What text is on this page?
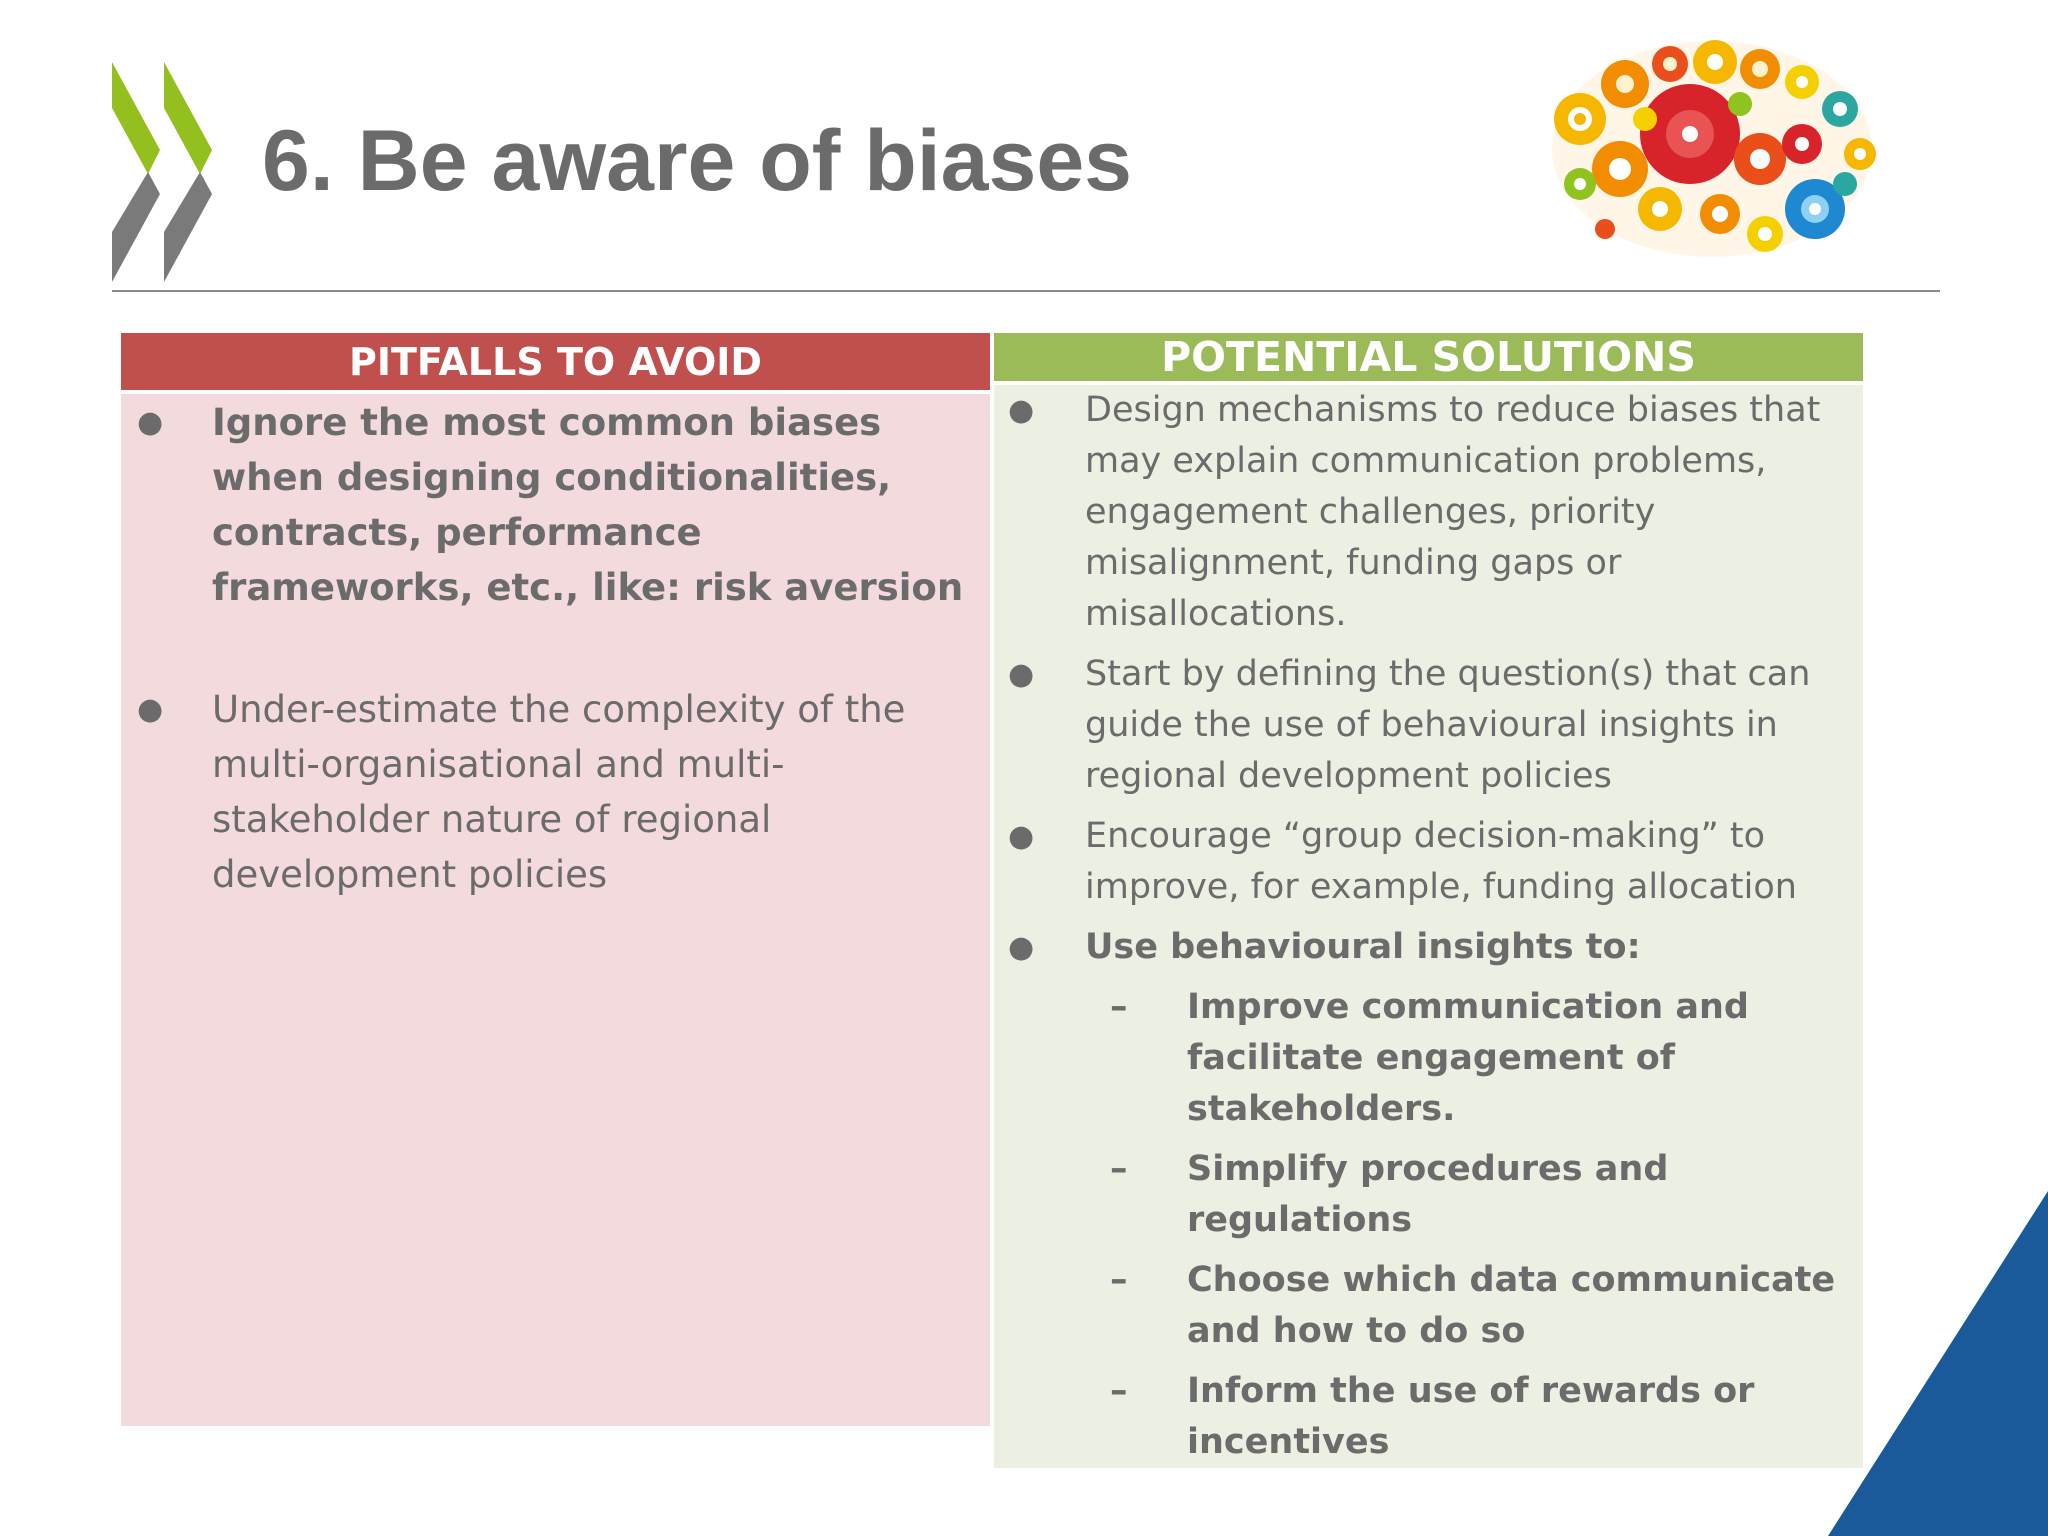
6. Be aware of biases
PITFALLS TO AVOID
●	Ignore the most common biases when designing conditionalities, contracts, performance frameworks, etc., like: risk aversion
●	Under-estimate the complexity of the multi-organisational and multi-stakeholder nature of regional development policies
POTENTIAL SOLUTIONS
●	Design mechanisms to reduce biases that may explain communication problems, engagement challenges, priority misalignment, funding gaps or misallocations.
●	Start by defining the question(s) that can guide the use of behavioural insights in regional development policies
●	Encourage “group decision-making” to improve, for example, funding allocation
●	Use behavioural insights to:
–	Improve communication and facilitate engagement of stakeholders.
–	Simplify procedures and regulations
–	Choose which data communicate and how to do so
–	Inform the use of rewards or incentives
